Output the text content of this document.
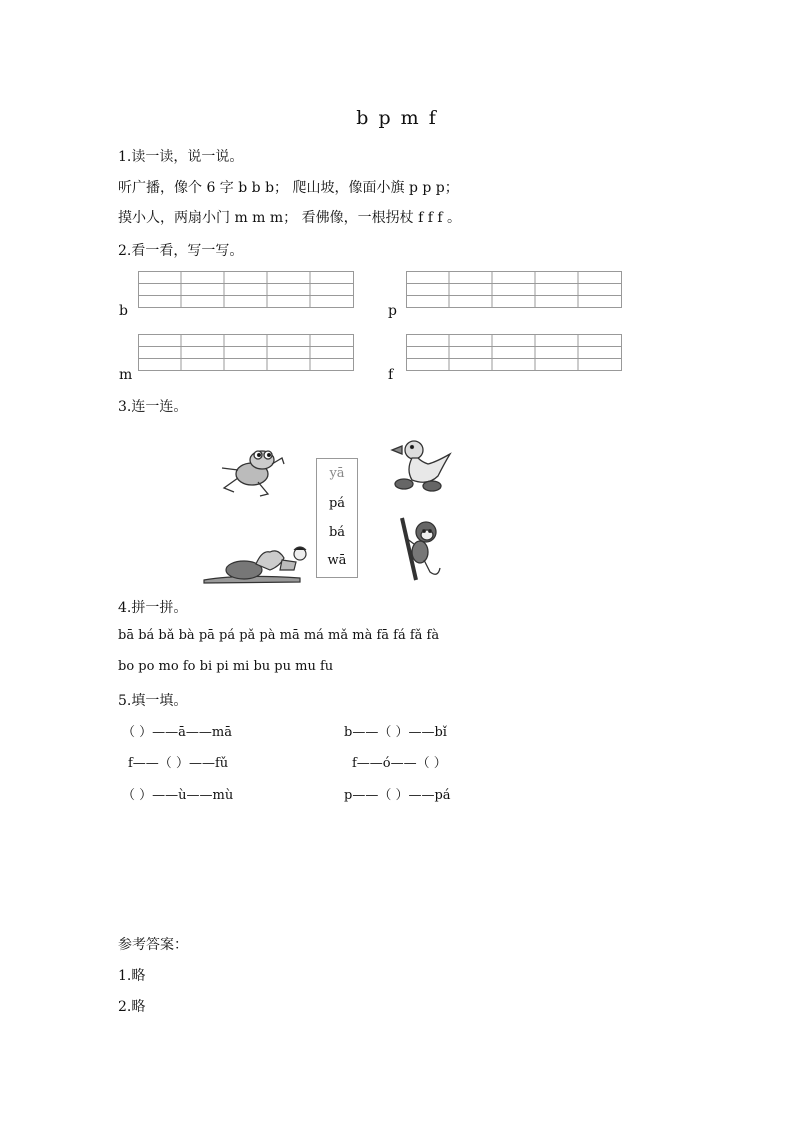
b p m f
1.读一读，说一说。
听广播，像个 6 字 b b b； 爬山坡，像面小旗 p p p；
摸小人，两扇小门 m m m； 看佛像，一根拐杖 f f f 。
2.看一看，写一写。
b	p
m	f
3.连一连。
yā
pá
bá
wā
4.拼一拼。
bā bá bǎ bà pā pá pǎ pà mā má mǎ mà fā fá fǎ fà
bo po mo fo bi pi mi bu pu mu fu
5.填一填。
（ ）——ā——mā	b——（ ）——bǐ
f——（ ）——fǔ	f——ó——（ ）
（ ）——ù——mù	p——（ ）——pá
参考答案：
1.略
2.略
